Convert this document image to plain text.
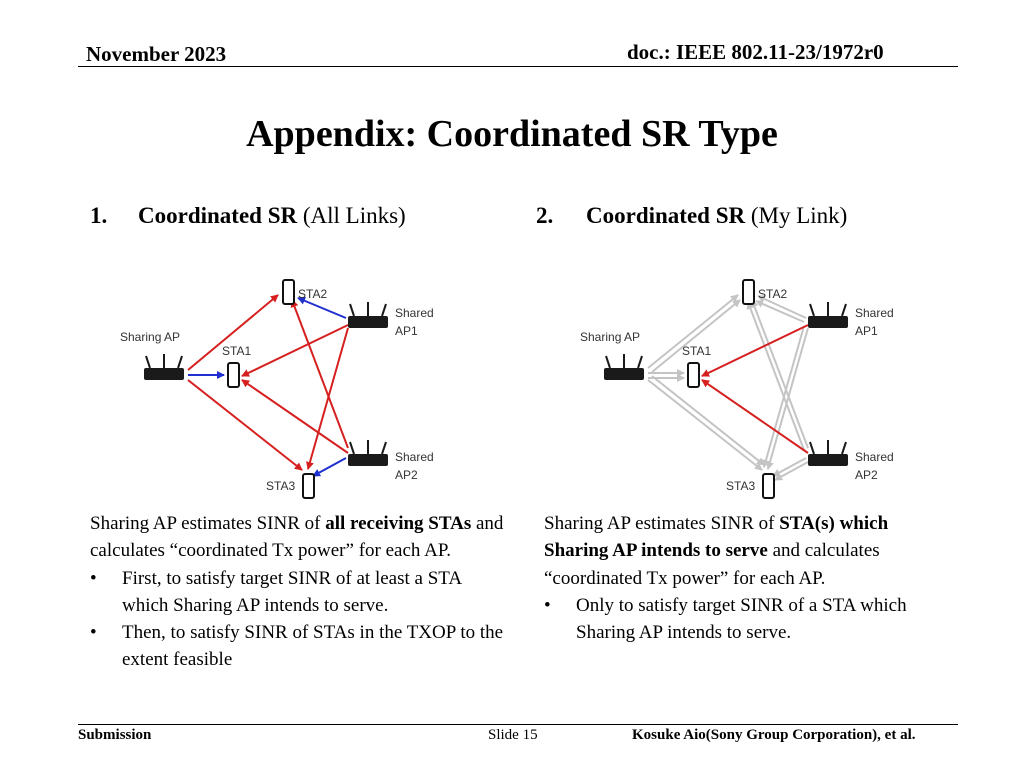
November 2023	doc.: IEEE 802.11-23/1972r0
Appendix: Coordinated SR Type
1. Coordinated SR (All Links)	2. Coordinated SR (My Link)
Sharing AP
STA1
STA2
STA3
Shared
AP1
Shared
AP2
Sharing AP
STA1
STA2
STA3
Shared
AP1
Shared
AP2
Sharing AP estimates SINR of all receiving STAs and calculates “coordinated Tx power” for each AP.
• First, to satisfy target SINR of at least a STA which Sharing AP intends to serve.
• Then, to satisfy SINR of STAs in the TXOP to the extent feasible
Sharing AP estimates SINR of STA(s) which Sharing AP intends to serve and calculates “coordinated Tx power” for each AP.
• Only to satisfy target SINR of a STA which Sharing AP intends to serve.
Submission	Slide 15	Kosuke Aio(Sony Group Corporation), et al.
